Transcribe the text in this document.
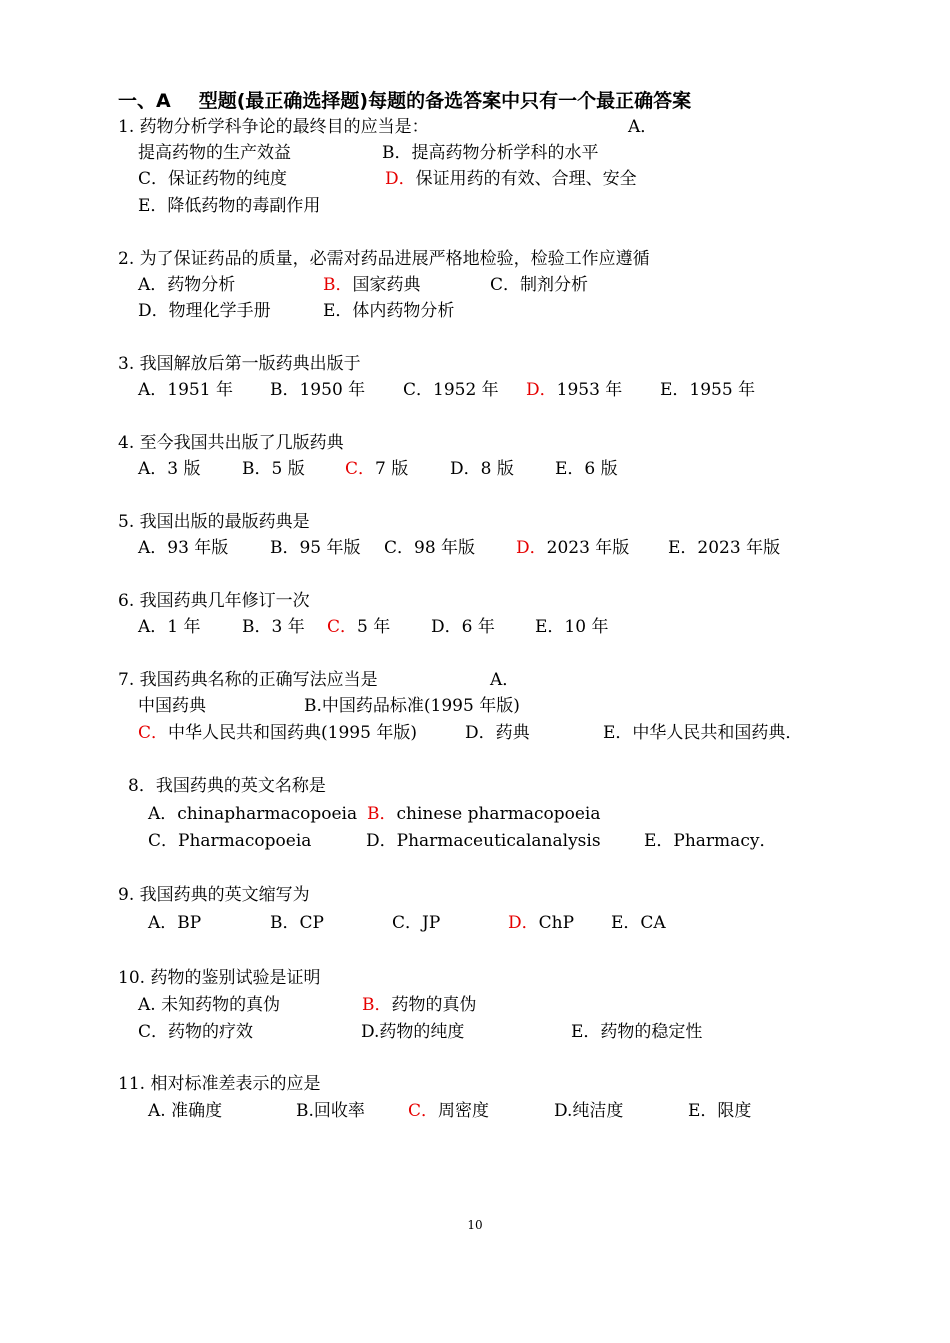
一、A 型题(最正确选择题)每题的备选答案中只有一个最正确答案
1. 药物分析学科争论的最终目的应当是：	A．
提高药物的生产效益	B．提高药物分析学科的水平
C．保证药物的纯度	D．保证用药的有效、合理、安全
E．降低药物的毒副作用
2. 为了保证药品的质量，必需对药品进展严格地检验，检验工作应遵循
A．药物分析	B．国家药典	C．制剂分析
D．物理化学手册	E．体内药物分析
3. 我国解放后第一版药典出版于
A．1951 年 B．1950 年 C．1952 年 D．1953 年 E．1955 年
4. 至今我国共出版了几版药典
A．3 版 B．5 版 C．7 版 D．8 版 E．6 版
5. 我国出版的最版药典是
A．93 年版 B．95 年版 C．98 年版 D．2023 年版 E．2023 年版
6. 我国药典几年修订一次
A．1 年 B．3 年 C．5 年 D．6 年 E．10 年
7. 我国药典名称的正确写法应当是	A．
中国药典	B.中国药品标准(1995 年版)
C．中华人民共和国药典(1995 年版)	D．药典	E．中华人民共和国药典．
8．我国药典的英文名称是
A．chinapharmacopoeia B．chinese pharmacopoeia
C．Pharmacopoeia	D．Pharmaceuticalanalysis	E．Pharmacy．
9. 我国药典的英文缩写为
A．BP	B．CP	C．JP	D．ChP E．CA
10. 药物的鉴别试验是证明
A. 未知药物的真伪	B．药物的真伪
C．药物的疗效	D.药物的纯度	E．药物的稳定性
11. 相对标准差表示的应是
A. 准确度	B.回收率	C．周密度	D.纯洁度	E．限度
10
